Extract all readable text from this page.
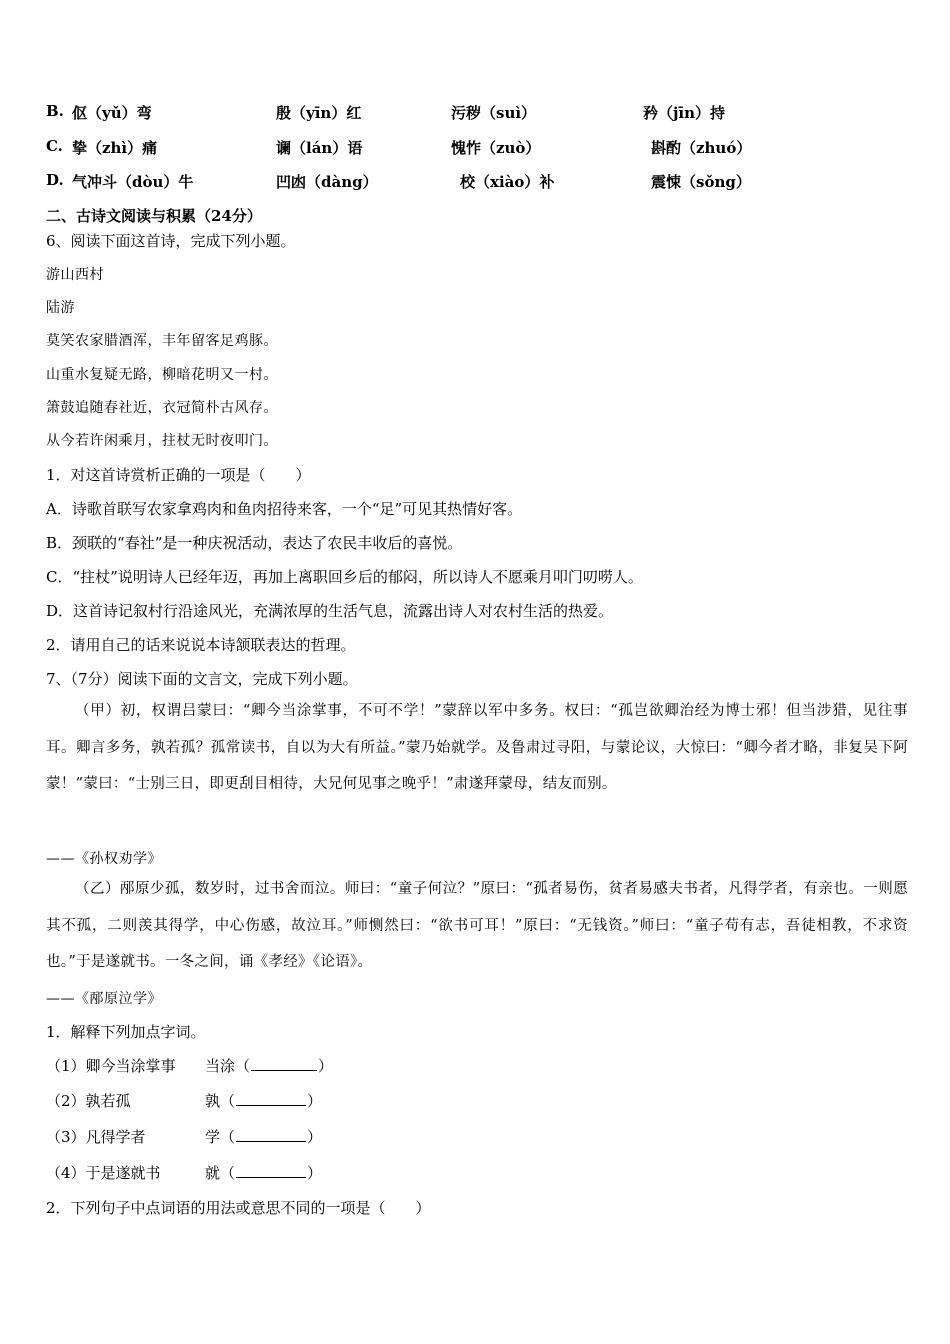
B. 伛（yǔ）弯	殷（yīn）红	污秽（suì）	矜（jīn）持
C. 挚（zhì）痛	谰（lán）语	愧怍（zuò）	斟酌（zhuó）
D. 气冲斗（dòu）牛	凹凼（dàng）	校（xiào）补	震悚（sǒng）
二、古诗文阅读与积累（24分）
6、阅读下面这首诗，完成下列小题。
游山西村
陆游
莫笑农家腊酒浑，丰年留客足鸡豚。
山重水复疑无路，柳暗花明又一村。
箫鼓追随春社近，衣冠简朴古风存。
从今若许闲乘月，拄杖无时夜叩门。
1．对这首诗赏析正确的一项是（　　）
A．诗歌首联写农家拿鸡肉和鱼肉招待来客，一个“足”可见其热情好客。
B．颈联的“春社”是一种庆祝活动，表达了农民丰收后的喜悦。
C．“拄杖”说明诗人已经年迈，再加上离职回乡后的郁闷，所以诗人不愿乘月叩门叨唠人。
D．这首诗记叙村行沿途风光，充满浓厚的生活气息，流露出诗人对农村生活的热爱。
2．请用自己的话来说说本诗颔联表达的哲理。
7、（7分）阅读下面的文言文，完成下列小题。
（甲）初，权谓吕蒙曰：“卿今当涂掌事，不可不学！”蒙辞以军中多务。权曰：“孤岂欲卿治经为博士邪！但当涉猎，见往事耳。卿言多务，孰若孤？孤常读书，自以为大有所益。”蒙乃始就学。及鲁肃过寻阳，与蒙论议，大惊曰：“卿今者才略，非复吴下阿蒙！”蒙曰：“士别三日，即更刮目相待，大兄何见事之晚乎！”肃遂拜蒙母，结友而别。
——《孙权劝学》
（乙）邴原少孤，数岁时，过书舍而泣。师曰：“童子何泣？”原曰：“孤者易伤，贫者易感夫书者，凡得学者，有亲也。一则愿其不孤，二则羡其得学，中心伤感，故泣耳。”师恻然曰：“欲书可耳！”原曰：“无钱资。”师曰：“童子苟有志，吾徒相教，不求资也。”于是遂就书。一冬之间，诵《孝经》《论语》。
——《邴原泣学》
1．解释下列加点字词。
（1）卿今当涂掌事 当涂（	）
（2）孰若孤	孰（	）
（3）凡得学者	学（	）
（4）于是遂就书	就（	）
2．下列句子中点词语的用法或意思不同的一项是（　　）
